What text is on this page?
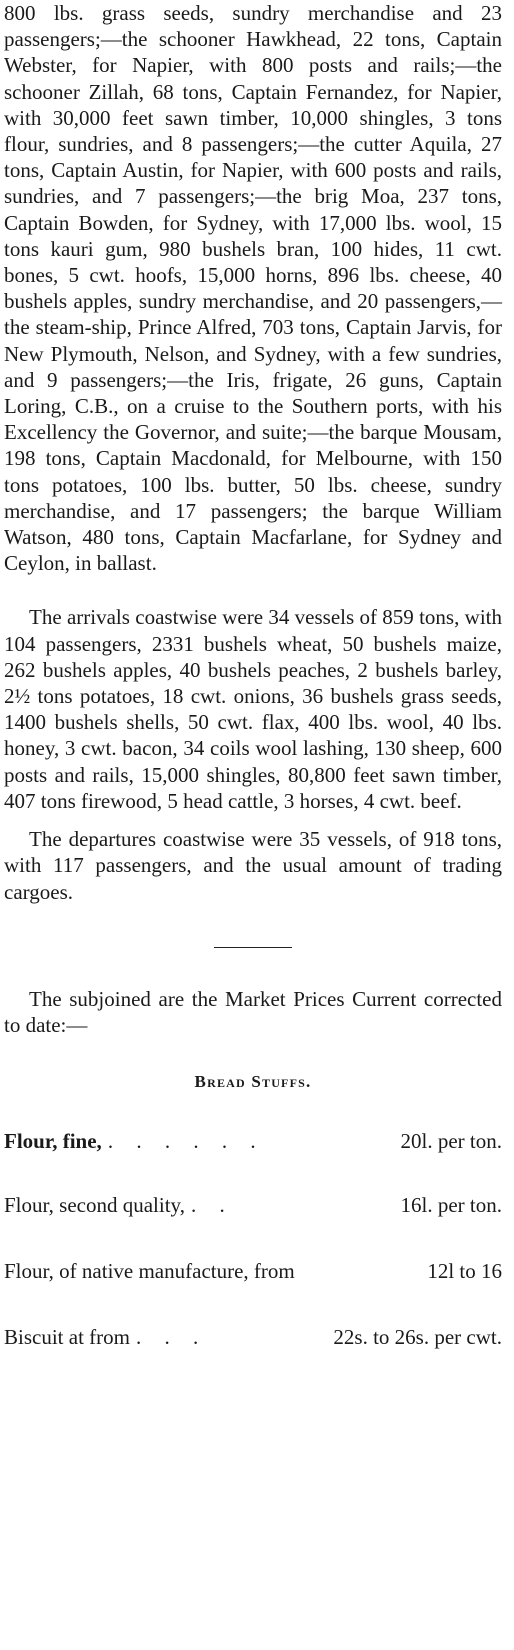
800 lbs. grass seeds, sundry merchandise and 23 passengers;—the schooner Hawkhead, 22 tons, Captain Webster, for Napier, with 800 posts and rails;—the schooner Zillah, 68 tons, Captain Fernandez, for Napier, with 30,000 feet sawn timber, 10,000 shingles, 3 tons flour, sundries, and 8 passengers;—the cutter Aquila, 27 tons, Captain Austin, for Napier, with 600 posts and rails, sundries, and 7 passengers;—the brig Moa, 237 tons, Captain Bowden, for Sydney, with 17,000 lbs. wool, 15 tons kauri gum, 980 bushels bran, 100 hides, 11 cwt. bones, 5 cwt. hoofs, 15,000 horns, 896 lbs. cheese, 40 bushels apples, sundry merchandise, and 20 passengers,—the steam-ship, Prince Alfred, 703 tons, Captain Jarvis, for New Plymouth, Nelson, and Sydney, with a few sundries, and 9 passengers;—the Iris, frigate, 26 guns, Captain Loring, C.B., on a cruise to the Southern ports, with his Excellency the Governor, and suite;—the barque Mousam, 198 tons, Captain Macdonald, for Melbourne, with 150 tons potatoes, 100 lbs. butter, 50 lbs. cheese, sundry merchandise, and 17 passengers; the barque William Watson, 480 tons, Captain Macfarlane, for Sydney and Ceylon, in ballast.

The arrivals coastwise were 34 vessels of 859 tons, with 104 passengers, 2331 bushels wheat, 50 bushels maize, 262 bushels apples, 40 bushels peaches, 2 bushels barley, 2½ tons potatoes, 18 cwt. onions, 36 bushels grass seeds, 1400 bushels shells, 50 cwt. flax, 400 lbs. wool, 40 lbs. honey, 3 cwt. bacon, 34 coils wool lashing, 130 sheep, 600 posts and rails, 15,000 shingles, 80,800 feet sawn timber, 407 tons firewood, 5 head cattle, 3 horses, 4 cwt. beef.

The departures coastwise were 35 vessels, of 918 tons, with 117 passengers, and the usual amount of trading cargoes.

The subjoined are the Market Prices Current corrected to date:—

Bread Stuffs.
Flour, fine, . . . . . .	20l. per ton.
Flour, second quality, . .	16l. per ton.
Flour, of native manufacture, from	12l to 16
Biscuit at from . . .	22s. to 26s. per cwt.
